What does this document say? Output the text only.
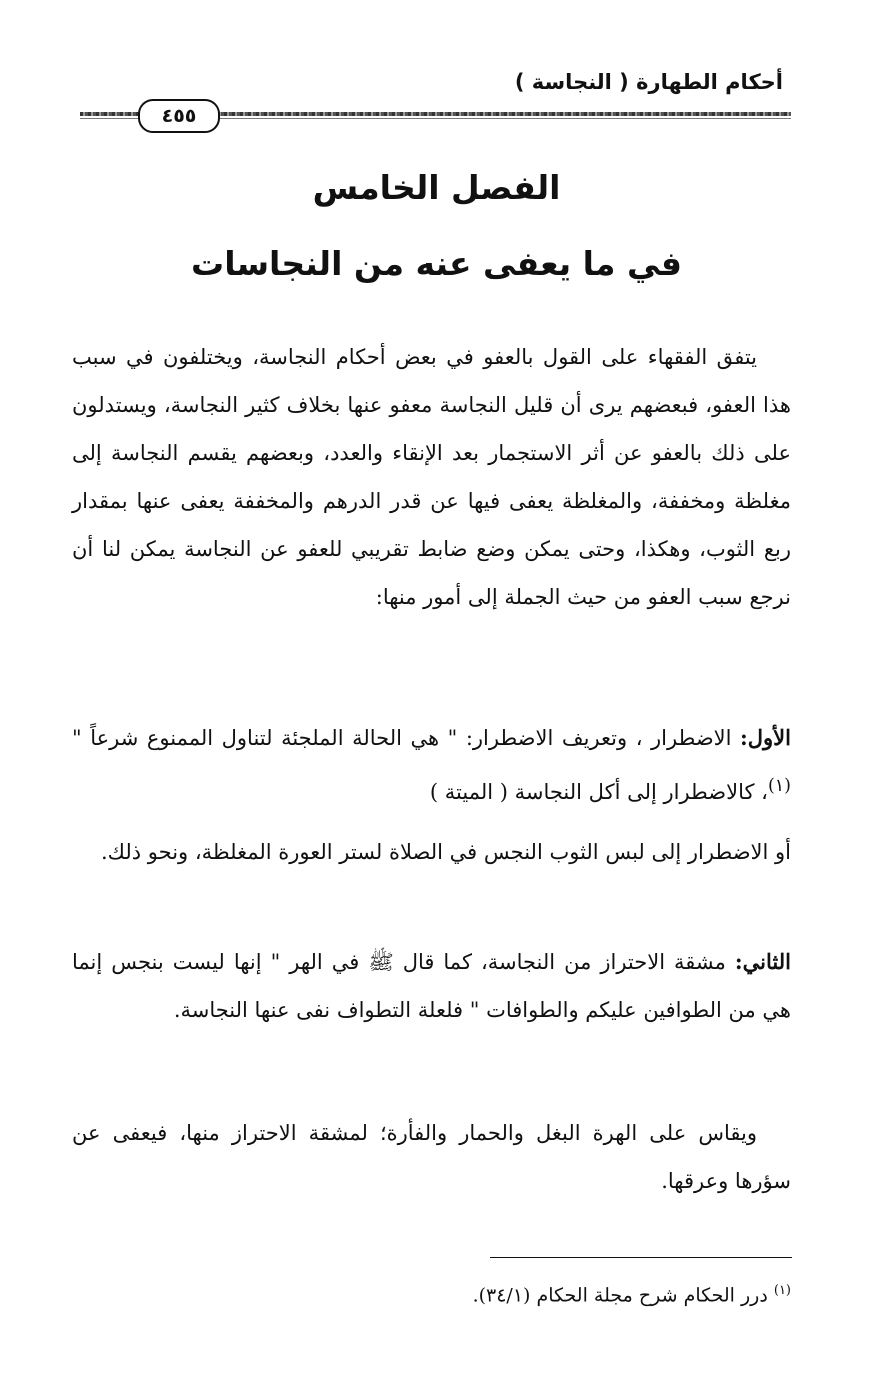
أحكام الطهارة ( النجاسة )
٤٥٥
الفصل الخامس
في ما يعفى عنه من النجاسات
يتفق الفقهاء على القول بالعفو في بعض أحكام النجاسة، ويختلفون في سبب هذا العفو، فبعضهم يرى أن قليل النجاسة معفو عنها بخلاف كثير النجاسة، ويستدلون على ذلك بالعفو عن أثر الاستجمار بعد الإنقاء والعدد، وبعضهم يقسم النجاسة إلى مغلظة ومخففة، والمغلظة يعفى فيها عن قدر الدرهم والمخففة يعفى عنها بمقدار ربع الثوب، وهكذا، وحتى يمكن وضع ضابط تقريبي للعفو عن النجاسة يمكن لنا أن نرجع سبب العفو من حيث الجملة إلى أمور منها:
الأول: الاضطرار ، وتعريف الاضطرار: " هي الحالة الملجئة لتناول الممنوع شرعاً "$^{(١)}$، كالاضطرار إلى أكل النجاسة ( الميتة )
أو الاضطرار إلى لبس الثوب النجس في الصلاة لستر العورة المغلظة، ونحو ذلك.
الثاني: مشقة الاحتراز من النجاسة، كما قال ﷺ في الهر " إنها ليست بنجس إنما هي من الطوافين عليكم والطوافات " فلعلة التطواف نفى عنها النجاسة.
ويقاس على الهرة البغل والحمار والفأرة؛ لمشقة الاحتراز منها، فيعفى عن سؤرها وعرقها.
$^{(١)}$ درر الحكام شرح مجلة الحكام (٣٤/١).
